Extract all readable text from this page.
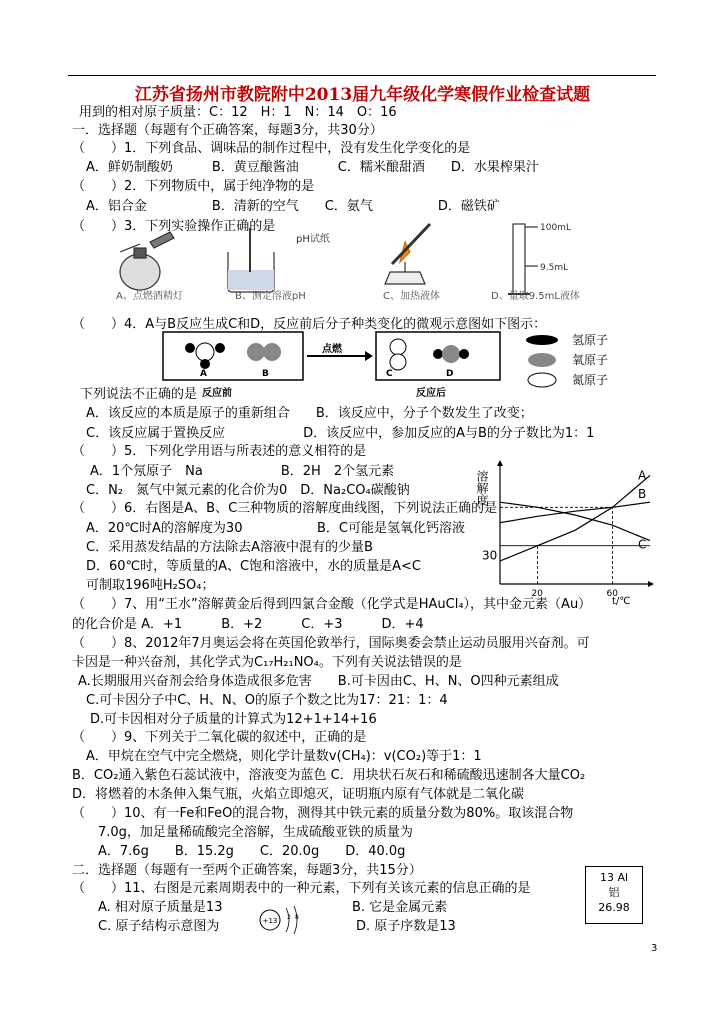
江苏省扬州市教院附中2013届九年级化学寒假作业检查试题
用到的相对原子质量：C：12　H：1　N：14　O：16
一．选择题（每题有个正确答案，每题3分，共30分）
（　　）1．下列食品、调味品的制作过程中，没有发生化学变化的是
A．鲜奶制酸奶　　　B．黄豆酿酱油　　　C．糯米酿甜酒　　D．水果榨果汁
（　　）2．下列物质中，属于纯净物的是
A．铝合金　　　　　B．清新的空气　　C．氨气　　　　　D．磁铁矿
（　　）3．下列实验操作正确的是
pH试纸
100mL
9.5mL
A、点燃酒精灯	B、测定溶液pH	C、加热液体	D、量取9.5mL液体
（　　）4．A与B反应生成C和D，反应前后分子种类变化的微观示意图如下图示：
A	B
点燃
C	D
反应前	反应后
氢原子
氧原子
氮原子
下列说法不正确的是
A．该反应的本质是原子的重新组合　　B．该反应中，分子个数发生了改变；
C．该反应属于置换反应　　　　　　D．该反应中，参加反应的A与B的分子数比为1：1
（　　）5．下列化学用语与所表述的意义相符的是
A．1个氖原子　Na　　　　　　B．2H　2个氢元素
C．N₂　氮气中氮元素的化合价为0　D．Na₂CO₄碳酸钠
（　　）6．右图是A、B、C三种物质的溶解度曲线图，下列说法正确的是
A．20℃时A的溶解度为30	B．C可能是氢氧化钙溶液
C．采用蒸发结晶的方法除去A溶液中混有的少量B
D．60℃时，等质量的A、C饱和溶液中，水的质量是A<C
可制取196吨H₂SO₄；
溶解度
t/℃
A
B
C
20	60
30
（　　）7、用“王水”溶解黄金后得到四氯合金酸（化学式是HAuCl₄），其中金元素（Au）
的化合价是 A．+1　　　B．+2　　　C．+3　　　D．+4
（　　）8、2012年7月奥运会将在英国伦敦举行，国际奥委会禁止运动员服用兴奋剂。可
卡因是一种兴奋剂，其化学式为C₁₇H₂₁NO₄。下列有关说法错误的是
A.长期服用兴奋剂会给身体造成很多危害　　B.可卡因由C、H、N、O四种元素组成
C.可卡因分子中C、H、N、O的原子个数之比为17：21：1：4
D.可卡因相对分子质量的计算式为12+1+14+16
（　　）9、下列关于二氧化碳的叙述中，正确的是
A．甲烷在空气中完全燃烧，则化学计量数v(CH₄)：v(CO₂)等于1：1
B．CO₂通入紫色石蕊试液中，溶液变为蓝色 C．用块状石灰石和稀硫酸迅速制各大量CO₂
D．将燃着的木条伸入集气瓶，火焰立即熄灭，证明瓶内原有气体就是二氧化碳
（　　）10、有一Fe和FeO的混合物，测得其中铁元素的质量分数为80%。取该混合物
7.0g，加足量稀硫酸完全溶解，生成硫酸亚铁的质量为
A．7.6g　　B．15.2g　　C．20.0g　　D．40.0g
二．选择题（每题有一至两个正确答案，每题3分，共15分）
（　　）11、右图是元素周期表中的一种元素，下列有关该元素的信息正确的是
A. 相对原子质量是13	B. 它是金属元素
C. 原子结构示意图为	D. 原子序数是13
+13 2 8
13 Al
铝
26.98
3
